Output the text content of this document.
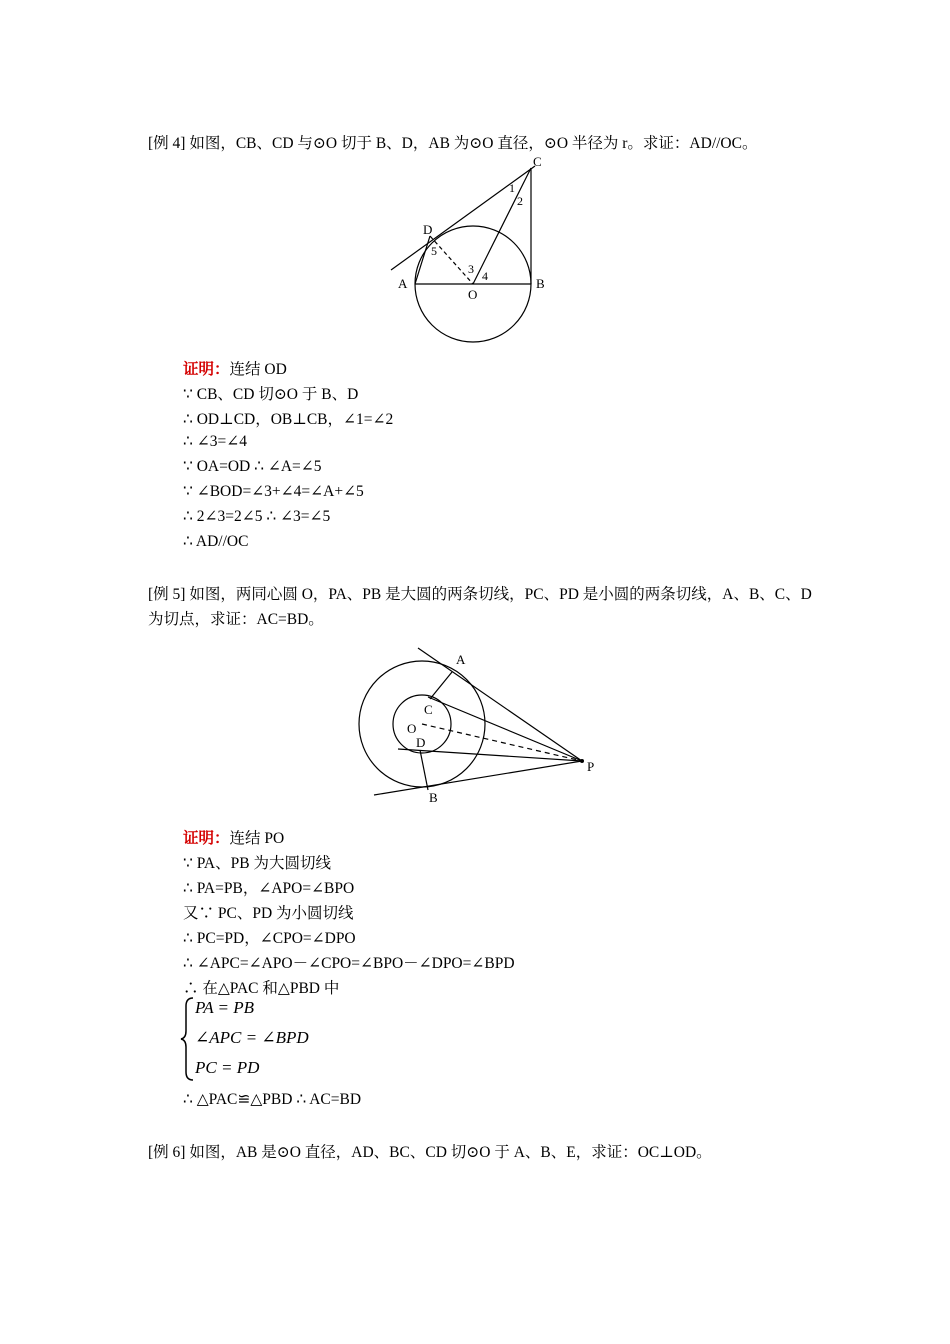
[例 4] 如图，CB、CD 与⊙O 切于 B、D，AB 为⊙O 直径，⊙O 半径为 r。求证：AD//OC。
C
1
2
D
5
3 4
A
O
B
证明：连结 OD
∵ CB、CD 切⊙O 于 B、D
∴ OD⊥CD，OB⊥CB，∠1=∠2
∴ ∠3=∠4
∵ OA=OD ∴ ∠A=∠5
∵ ∠BOD=∠3+∠4=∠A+∠5
∴ 2∠3=2∠5 ∴ ∠3=∠5
∴ AD//OC
[例 5] 如图，两同心圆 O，PA、PB 是大圆的两条切线，PC、PD 是小圆的两条切线，A、B、C、D
为切点，求证：AC=BD。
A
C
O
D
P
B
证明：连结 PO
∵ PA、PB 为大圆切线
∴ PA=PB，∠APO=∠BPO
又∵ PC、PD 为小圆切线
∴ PC=PD，∠CPO=∠DPO
∴ ∠APC=∠APO－∠CPO=∠BPO－∠DPO=∠BPD
∴ 在△PAC 和△PBD 中
PA = PB
∠APC = ∠BPD
PC = PD
∴ △PAC≌△PBD ∴ AC=BD
[例 6] 如图，AB 是⊙O 直径，AD、BC、CD 切⊙O 于 A、B、E，求证：OC⊥OD。
